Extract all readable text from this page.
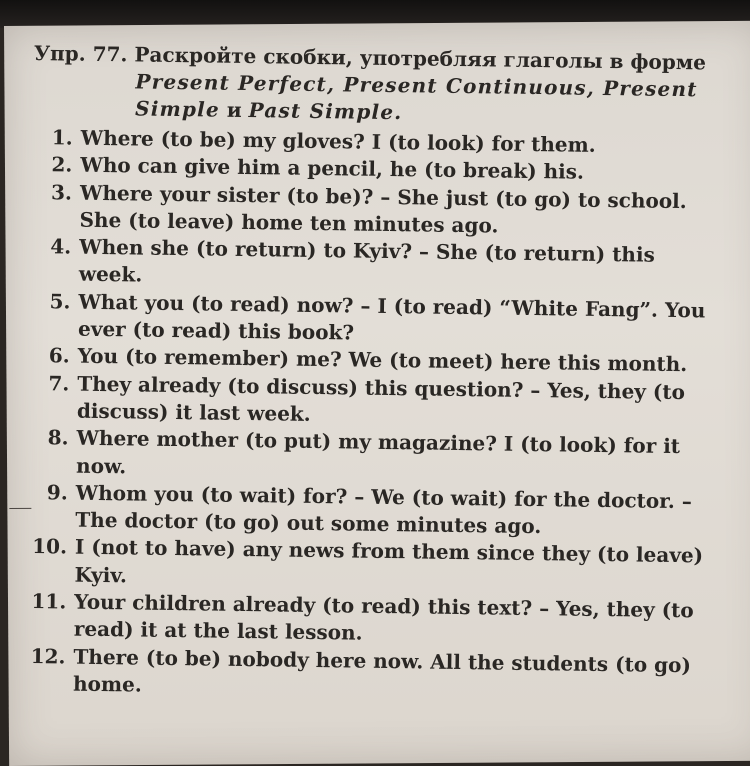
Упр. 77. Раскройте скобки, употребляя глаголы в форме
Present Perfect, Present Continuous, Present
Simple и Past Simple.
1. Where (to be) my gloves? I (to look) for them.
2. Who can give him a pencil, he (to break) his.
3. Where your sister (to be)? – She just (to go) to school. She (to leave) home ten minutes ago.
4. When she (to return) to Kyiv? – She (to return) this week.
5. What you (to read) now? – I (to read) “White Fang”. You ever (to read) this book?
6. You (to remember) me? We (to meet) here this month.
7. They already (to discuss) this question? – Yes, they (to discuss) it last week.
8. Where mother (to put) my magazine? I (to look) for it now.
9. Whom you (to wait) for? – We (to wait) for the doctor. – The doctor (to go) out some minutes ago.
10. I (not to have) any news from them since they (to leave) Kyiv.
11. Your children already (to read) this text? – Yes, they (to read) it at the last lesson.
12. There (to be) nobody here now. All the students (to go) home.
